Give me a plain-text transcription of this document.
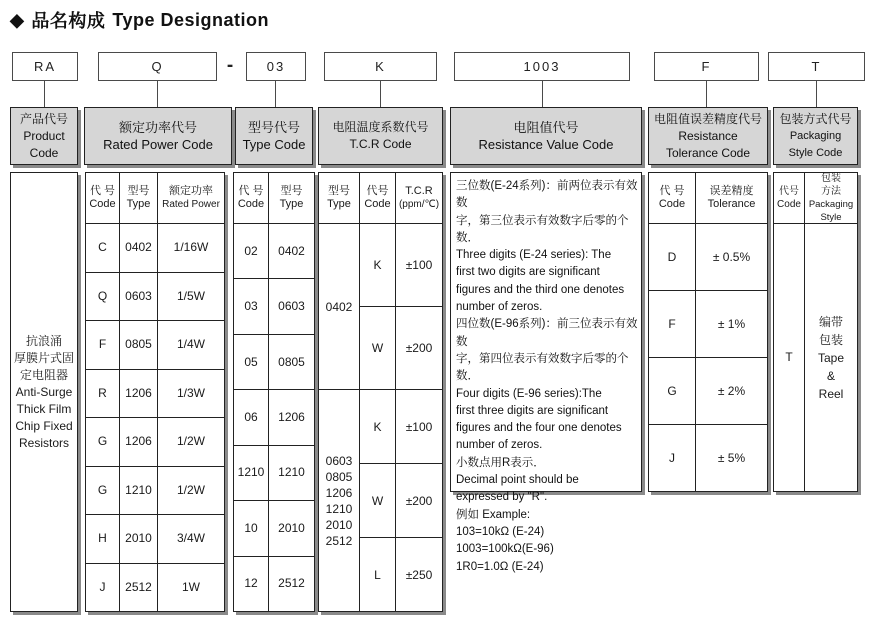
◆ 品名构成 Type Designation
RA	Q	-	03	K	1003	F	T
产品代号
Product
Code
额定功率代号
Rated Power Code
型号代号
Type Code
电阻温度系数代号
T.C.R Code
电阻值代号
Resistance Value Code
电阻值误差精度代号
Resistance
Tolerance Code
包装方式代号
Packaging
Style Code
抗浪涌
厚膜片式固
定电阻器
Anti-Surge
Thick Film
Chip Fixed
Resistors
代 号
Code
型号
Type
额定功率
Rated Power
C	0402	1/16W
Q	0603	1/5W
F	0805	1/4W
R	1206	1/3W
G	1206	1/2W
G	1210	1/2W
H	2010	3/4W
J	2512	1W
代 号
Code
型号
Type
02	0402
03	0603
05	0805
06	1206
1210	1210
10	2010
12	2512
型号
Type
代号
Code
T.C.R
(ppm/℃)
0402
K	±100
W	±200
0603
0805
1206
1210
2010
2512
K	±100
W	±200
L	±250
三位数(E-24系列)：前两位表示有效数
字，第三位表示有效数字后零的个数．
Three digits (E-24 series): The
first two digits are significant
figures and the third one denotes
number of zeros.
四位数(E-96系列)：前三位表示有效数
字，第四位表示有效数字后零的个数．
Four digits (E-96 series):The
first three digits are significant
figures and the four one denotes
number of zeros.
小数点用R表示．
Decimal point should be
expressed by "R".
例如 Example:
103=10kΩ (E-24)
1003=100kΩ(E-96)
1R0=1.0Ω (E-24)
代 号
Code
误差精度
Tolerance
D	± 0.5%
F	± 1%
G	± 2%
J	± 5%
代号
Code
包装
方法
Packaging
Style
T
编带
包装
Tape
&
Reel
